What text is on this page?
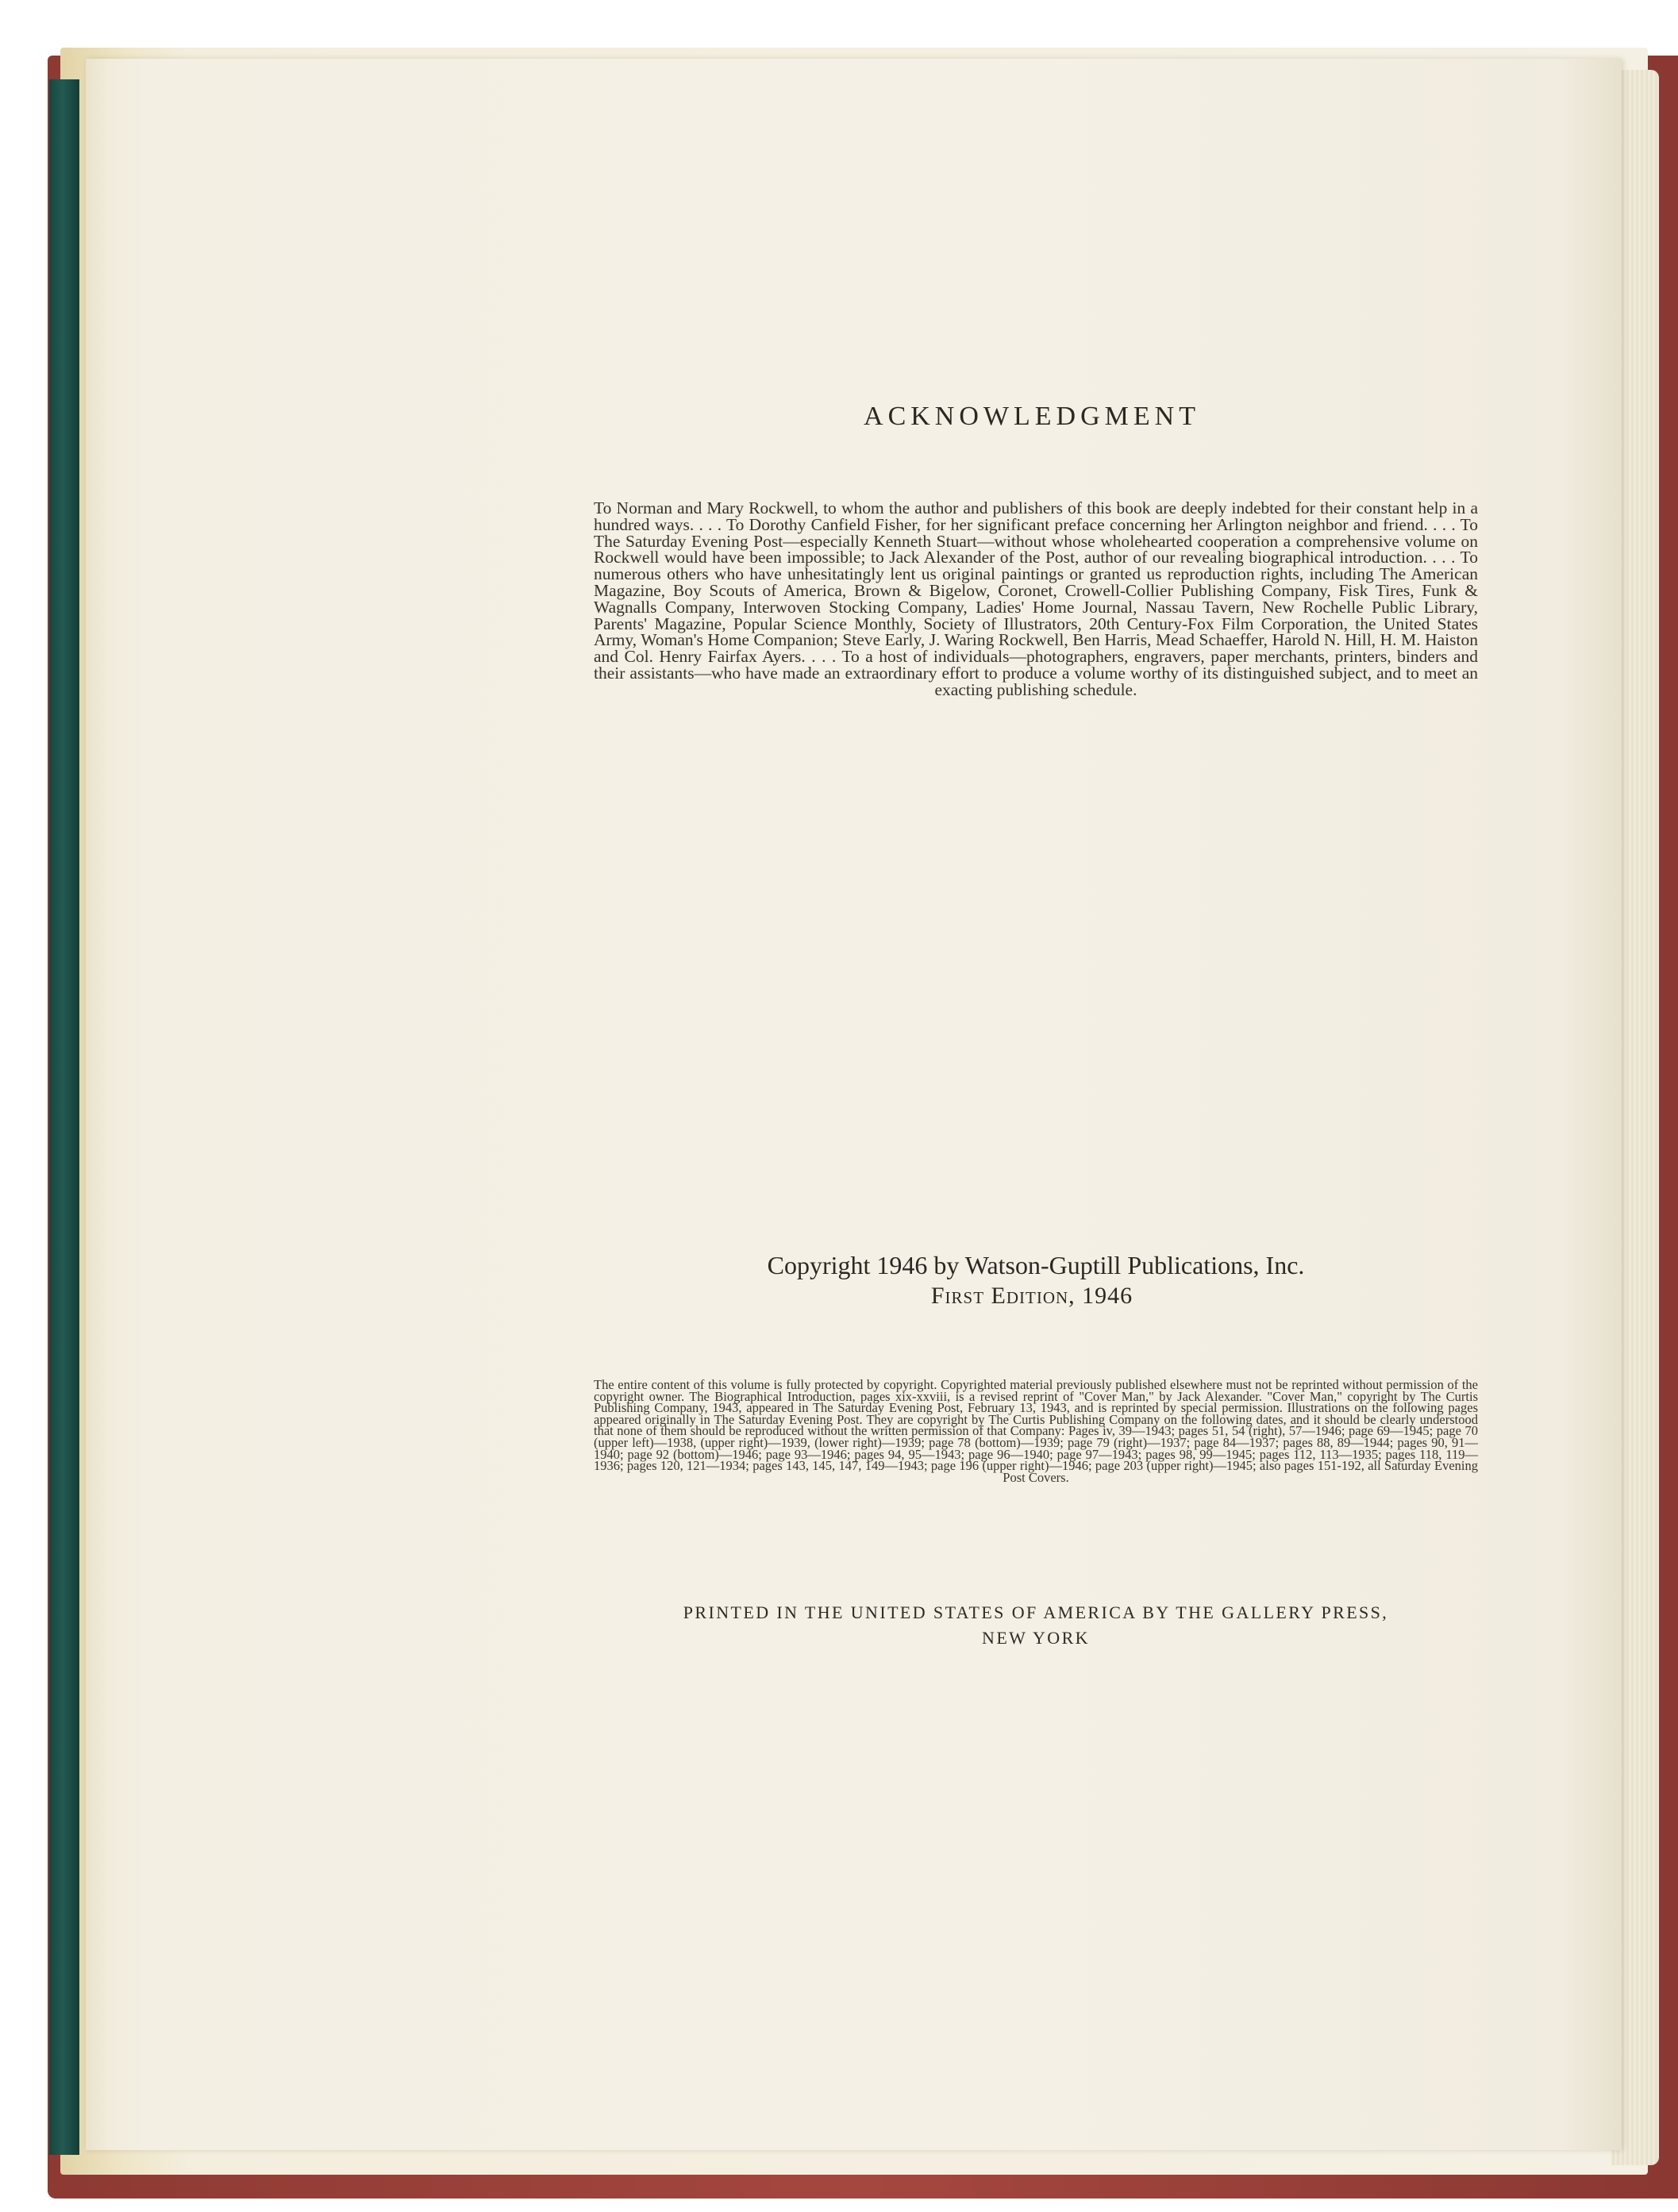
ACKNOWLEDGMENT
To Norman and Mary Rockwell, to whom the author and publishers of this book are deeply indebted for their constant help in a hundred ways. . . . To Dorothy Canfield Fisher, for her significant preface concerning her Arlington neighbor and friend. . . . To The Saturday Evening Post—especially Kenneth Stuart—without whose wholehearted cooperation a comprehensive volume on Rockwell would have been impossible; to Jack Alexander of the Post, author of our revealing biographical introduction. . . . To numerous others who have unhesitatingly lent us original paintings or granted us reproduction rights, including The American Magazine, Boy Scouts of America, Brown & Bigelow, Coronet, Crowell-Collier Publishing Company, Fisk Tires, Funk & Wagnalls Company, Interwoven Stocking Company, Ladies' Home Journal, Nassau Tavern, New Rochelle Public Library, Parents' Magazine, Popular Science Monthly, Society of Illustrators, 20th Century-Fox Film Corporation, the United States Army, Woman's Home Companion; Steve Early, J. Waring Rockwell, Ben Harris, Mead Schaeffer, Harold N. Hill, H. M. Haiston and Col. Henry Fairfax Ayers. . . . To a host of individuals—photographers, engravers, paper merchants, printers, binders and their assistants—who have made an extraordinary effort to produce a volume worthy of its distinguished subject, and to meet an exacting publishing schedule.
Copyright 1946 by Watson-Guptill Publications, Inc.
First Edition, 1946
The entire content of this volume is fully protected by copyright. Copyrighted material previously published elsewhere must not be reprinted without permission of the copyright owner. The Biographical Introduction, pages xix-xxviii, is a revised reprint of "Cover Man," by Jack Alexander. "Cover Man," copyright by The Curtis Publishing Company, 1943, appeared in The Saturday Evening Post, February 13, 1943, and is reprinted by special permission. Illustrations on the following pages appeared originally in The Saturday Evening Post. They are copyright by The Curtis Publishing Company on the following dates, and it should be clearly understood that none of them should be reproduced without the written permission of that Company: Pages iv, 39—1943; pages 51, 54 (right), 57—1946; page 69—1945; page 70 (upper left)—1938, (upper right)—1939, (lower right)—1939; page 78 (bottom)—1939; page 79 (right)—1937; page 84—1937; pages 88, 89—1944; pages 90, 91—1940; page 92 (bottom)—1946; page 93—1946; pages 94, 95—1943; page 96—1940; page 97—1943; pages 98, 99—1945; pages 112, 113—1935; pages 118, 119—1936; pages 120, 121—1934; pages 143, 145, 147, 149—1943; page 196 (upper right)—1946; page 203 (upper right)—1945; also pages 151-192, all Saturday Evening Post Covers.
PRINTED IN THE UNITED STATES OF AMERICA BY THE GALLERY PRESS,
NEW YORK
